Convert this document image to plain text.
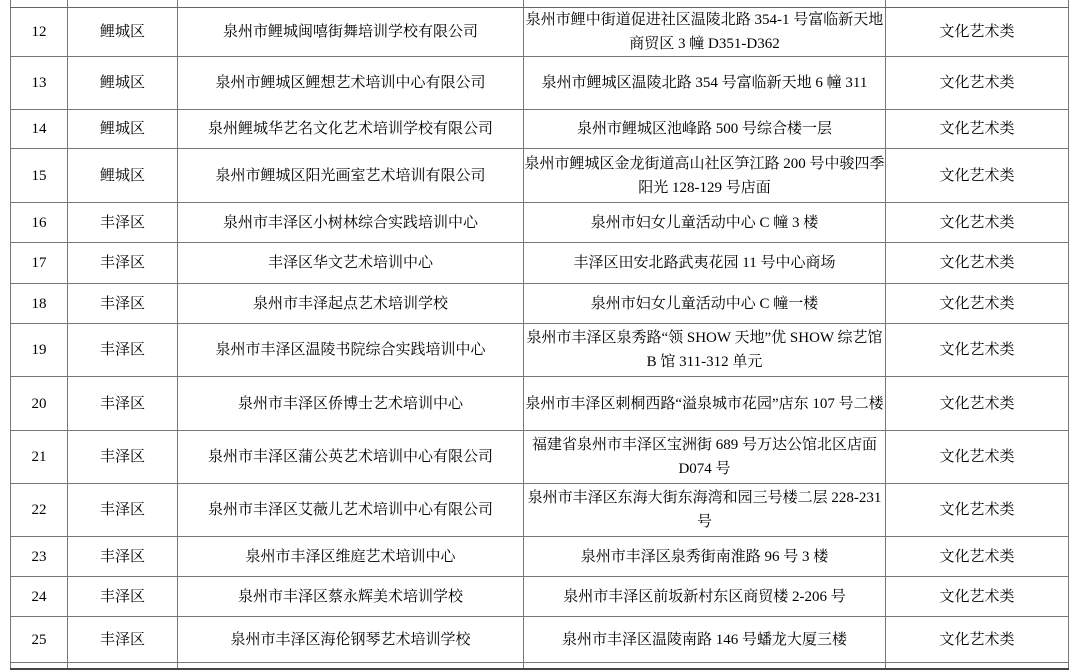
12	鲤城区	泉州市鲤城闽嘻街舞培训学校有限公司	泉州市鲤中街道促进社区温陵北路 354-1 号富临新天地商贸区 3 幢 D351-D362	文化艺术类
13	鲤城区	泉州市鲤城区鲤想艺术培训中心有限公司	泉州市鲤城区温陵北路 354 号富临新天地 6 幢 311	文化艺术类
14	鲤城区	泉州鲤城华艺名文化艺术培训学校有限公司	泉州市鲤城区池峰路 500 号综合楼一层	文化艺术类
15	鲤城区	泉州市鲤城区阳光画室艺术培训有限公司	泉州市鲤城区金龙街道高山社区笋江路 200 号中骏四季阳光 128-129 号店面	文化艺术类
16	丰泽区	泉州市丰泽区小树林综合实践培训中心	泉州市妇女儿童活动中心 C 幢 3 楼	文化艺术类
17	丰泽区	丰泽区华文艺术培训中心	丰泽区田安北路武夷花园 11 号中心商场	文化艺术类
18	丰泽区	泉州市丰泽起点艺术培训学校	泉州市妇女儿童活动中心 C 幢一楼	文化艺术类
19	丰泽区	泉州市丰泽区温陵书院综合实践培训中心	泉州市丰泽区泉秀路“领 SHOW 天地”优 SHOW 综艺馆 B 馆 311-312 单元	文化艺术类
20	丰泽区	泉州市丰泽区侨博士艺术培训中心	泉州市丰泽区刺桐西路“溢泉城市花园”店东 107 号二楼	文化艺术类
21	丰泽区	泉州市丰泽区蒲公英艺术培训中心有限公司	福建省泉州市丰泽区宝洲街 689 号万达公馆北区店面 D074 号	文化艺术类
22	丰泽区	泉州市丰泽区艾薇儿艺术培训中心有限公司	泉州市丰泽区东海大街东海湾和园三号楼二层 228-231 号	文化艺术类
23	丰泽区	泉州市丰泽区维庭艺术培训中心	泉州市丰泽区泉秀街南淮路 96 号 3 楼	文化艺术类
24	丰泽区	泉州市丰泽区蔡永辉美术培训学校	泉州市丰泽区前坂新村东区商贸楼 2-206 号	文化艺术类
25	丰泽区	泉州市丰泽区海伦钢琴艺术培训学校	泉州市丰泽区温陵南路 146 号蟠龙大厦三楼	文化艺术类
